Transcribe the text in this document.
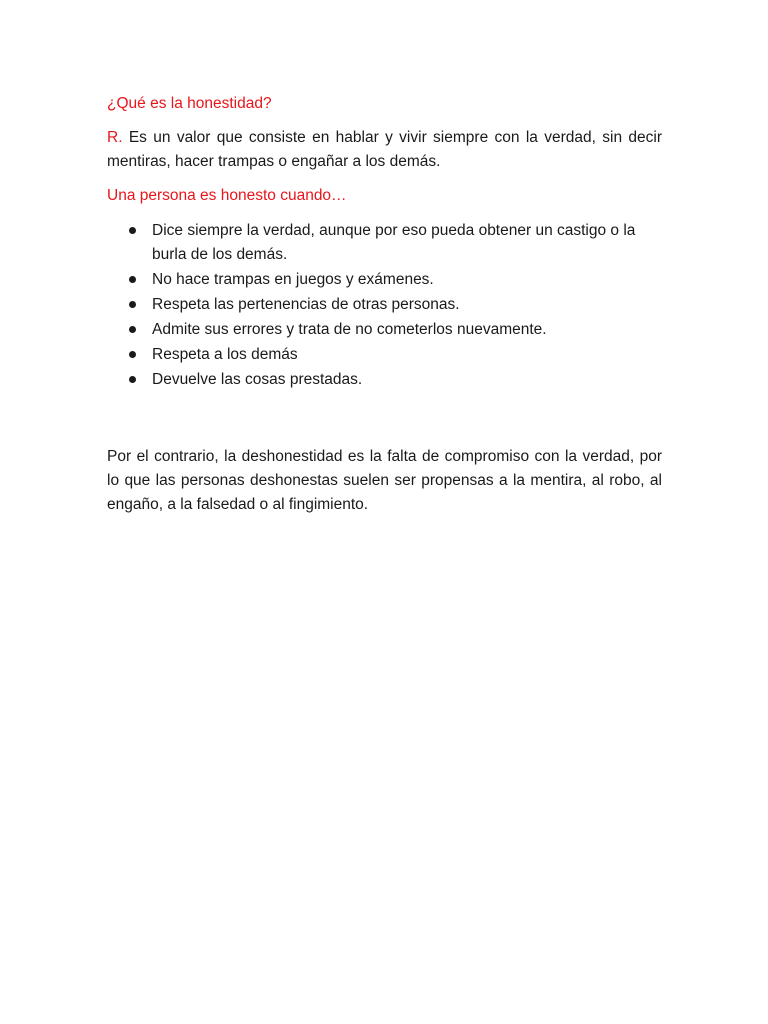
¿Qué es la honestidad?

R. Es un valor que consiste en hablar y vivir siempre con la verdad, sin decir mentiras, hacer trampas o engañar a los demás.

Una persona es honesto cuando…

Dice siempre la verdad, aunque por eso pueda obtener un castigo o la burla de los demás.
No hace trampas en juegos y exámenes.
Respeta las pertenencias de otras personas.
Admite sus errores y trata de no cometerlos nuevamente.
Respeta a los demás
Devuelve las cosas prestadas.

Por el contrario, la deshonestidad es la falta de compromiso con la verdad, por lo que las personas deshonestas suelen ser propensas a la mentira, al robo, al engaño, a la falsedad o al fingimiento.
